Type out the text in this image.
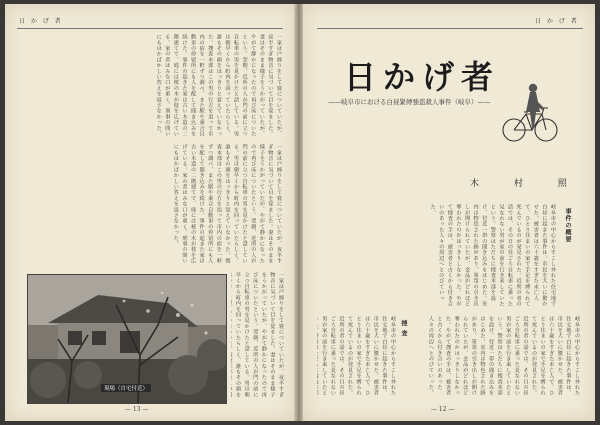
日 か げ 者
一家は戸締りをして寝についていたが、夜半すぎ物音に気づいて目を覚ました。妻はそのまま様子をうかがっていたが、やがて静かになったので再び床についたという。翌朝、近所の人が門の前に立つ自転車の男を見かけたと話している。男は朝早くから町内を回っていたらしく、誰もその顔をはっきりと覚えていなかった。捜査本部はこの男の行方を追って市内の宿を一軒ずつ調べ、また駅や乗合自動車の停留所にも人を配して聞き込みを続けた。事件の起きた家は古い木造の二階建てで、庭には桜の木が枝を広げている。家の者はみな口が重く、刑事の問いにもはかばかしい答えを返さなかった。
一家は戸締りをして寝についていたが、夜半すぎ物音に気づいて目を覚ました。妻はそのまま様子をうかがっていたが、やがて静かになったので再び床についたという。翌朝、近所の人が門の前に立つ自転車の男を見かけたと話している。男は朝早くから町内を回っていたらしく、誰もその顔をはっきりと覚えていなかった。捜査本部はこの男の行方を追って市内の宿を一軒ずつ調べ、また駅や乗合自動車の停留所にも人を配して聞き込みを続けた。事件の起きた家は古い木造の二階建てで、庭には桜の木が枝を広げている。家の者はみな口が重く、刑事の問いにもはかばかしい答えを返さなかった。
一家は戸締りをして寝についていたが、夜半すぎ物音に気づいて目を覚ました。妻はそのまま様子をうかがっていたが、やがて静かになったので再び床についたという。翌朝、近所の人が門の前に立つ自転車の男を見かけたと話している。男は朝早くから町内を回っていたらしく、誰もその顔を
現場（自宅付近）
— 13 —
日 か げ 者
日かげ者
——岐阜市における白昼緊縛強盗殺人事件（岐阜）——
木 村 照
事件の概要
岐阜市の中心からすこし外れた住宅地で白昼に起きた事件は、市民を大いに驚かせた。被害者は六十歳をすぎた未亡人で、ひとり住まいの家で手足を縛られて死んでいるのが発見された。近所の者の話では、その日の昼ごろ自転車に乗った見なれない男が家の前を行き来していたという。警察はただちに捜査本部を設け、付近一帯の聞き込みをはじめた。室内は物色された跡があり、箪笥の引き出しが開けられていたが、金品がどれほど奪われたのかはっきりしなかった。やがて捜査の手は、被害者と古くから付き合いのあった人々の周辺へとのびていった。
捜 査
岐阜市の中心からすこし外れた住宅地で白昼に起きた事件は、市民を大いに驚かせた。被害者は六十歳をすぎた未亡人で、ひとり住まいの家で手足を縛られて死んでいるのが発見された。近所の者の話では、その日の昼ごろ自転車に乗った見なれない男が家の前を行き来していたと	岐阜市の中心からすこし外れた住宅地で白昼に起きた事件は、市民を大いに驚かせた。被害者は六十歳をすぎた未亡人で、ひとり住まいの家で手足を縛られて死んでいるのが発見された。近所の者の話では、その日の昼ごろ自転車に乗った見なれない男が家の前を行き来していたという。警察はただちに捜査本部を設け、付近一帯の聞き込みをはじめた。室内は物色された跡があり、箪笥の引き出しが開けられていたが、金品がどれほど奪われたのかはっきりしなかった。やがて捜査の手は、被害者と古くから付き合いのあった人々の周辺へとのびていった。
— 12 —
